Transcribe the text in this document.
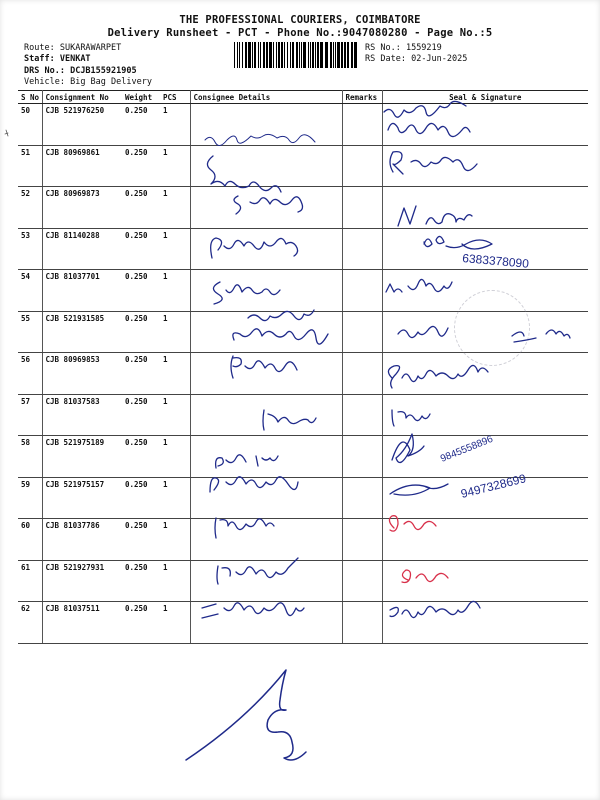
THE PROFESSIONAL COURIERS, COIMBATORE
Delivery Runsheet - PCT - Phone No.:9047080280 - Page No.:5
Route: SUKARAWARPET
Staff: VENKAT
DRS No.: DCJB155921905
Vehicle: Big Bag Delivery
RS No.: 1559219
RS Date: 02-Jun-2025
S No	Consignment No	Weight	PCS	Consignee Details	Remarks	Seal & Signature
50	CJB 521976250	0.250	1			
51	CJB 80969861	0.250	1			
52	CJB 80969873	0.250	1			
53	CJB 81140288	0.250	1			
54	CJB 81037701	0.250	1			
55	CJB 521931585	0.250	1			
56	CJB 80969853	0.250	1			
57	CJB 81037583	0.250	1			
58	CJB 521975189	0.250	1			
59	CJB 521975157	0.250	1			
60	CJB 81037786	0.250	1			
61	CJB 521927931	0.250	1			
62	CJB 81037511	0.250	1			
6383378090
9845558896
9497328699
